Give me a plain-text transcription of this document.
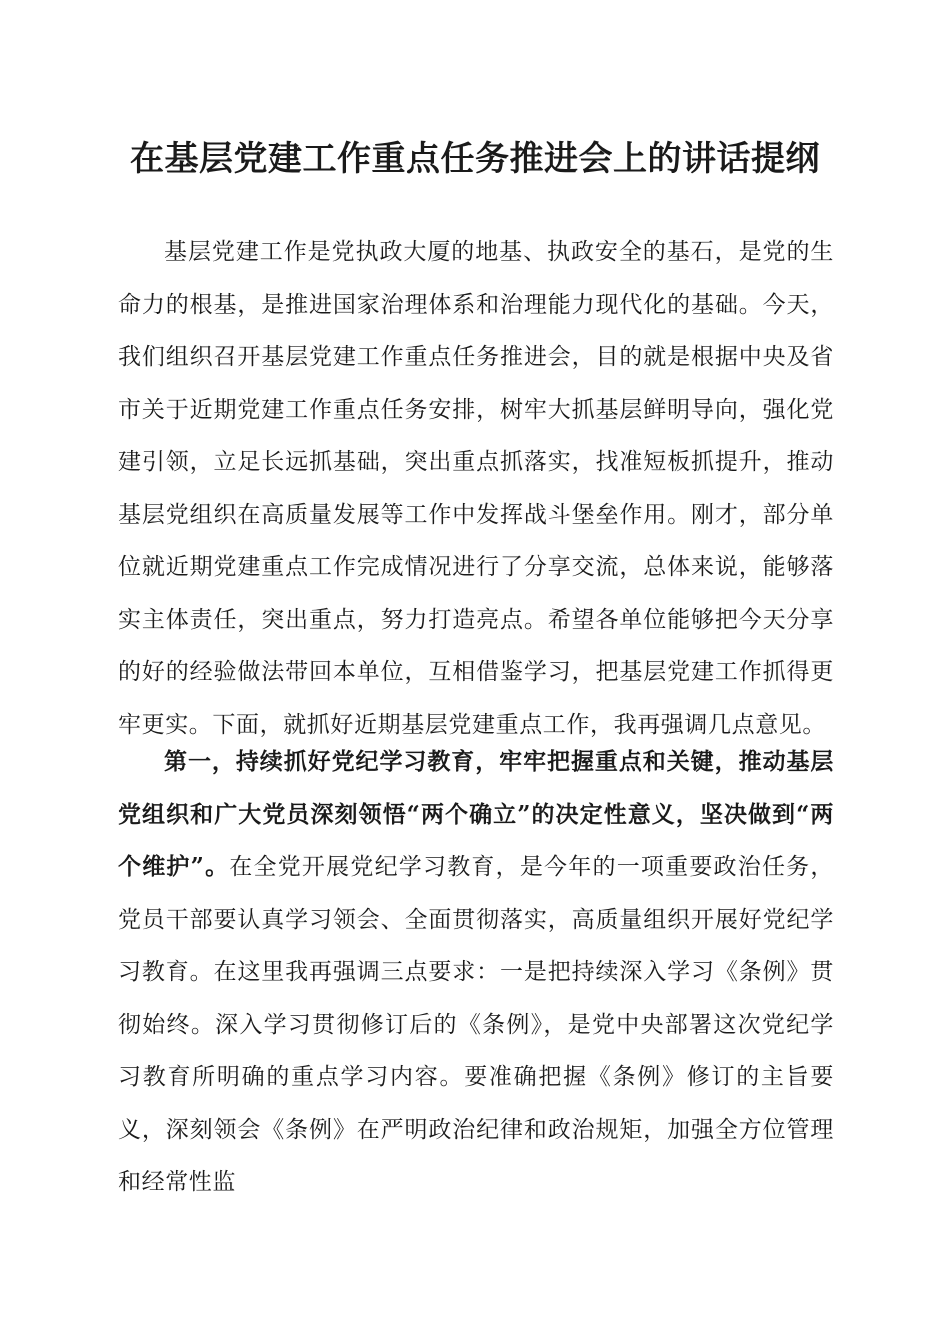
在基层党建工作重点任务推进会上的讲话提纲

基层党建工作是党执政大厦的地基、执政安全的基石，是党的生命力的根基，是推进国家治理体系和治理能力现代化的基础。今天，我们组织召开基层党建工作重点任务推进会，目的就是根据中央及省市关于近期党建工作重点任务安排，树牢大抓基层鲜明导向，强化党建引领，立足长远抓基础，突出重点抓落实，找准短板抓提升，推动基层党组织在高质量发展等工作中发挥战斗堡垒作用。刚才，部分单位就近期党建重点工作完成情况进行了分享交流，总体来说，能够落实主体责任，突出重点，努力打造亮点。希望各单位能够把今天分享的好的经验做法带回本单位，互相借鉴学习，把基层党建工作抓得更牢更实。下面，就抓好近期基层党建重点工作，我再强调几点意见。

第一，持续抓好党纪学习教育，牢牢把握重点和关键，推动基层党组织和广大党员深刻领悟“两个确立”的决定性意义，坚决做到“两个维护”。在全党开展党纪学习教育，是今年的一项重要政治任务，党员干部要认真学习领会、全面贯彻落实，高质量组织开展好党纪学习教育。在这里我再强调三点要求：一是把持续深入学习《条例》贯彻始终。深入学习贯彻修订后的《条例》，是党中央部署这次党纪学习教育所明确的重点学习内容。要准确把握《条例》修订的主旨要义，深刻领会《条例》在严明政治纪律和政治规矩，加强全方位管理和经常性监
